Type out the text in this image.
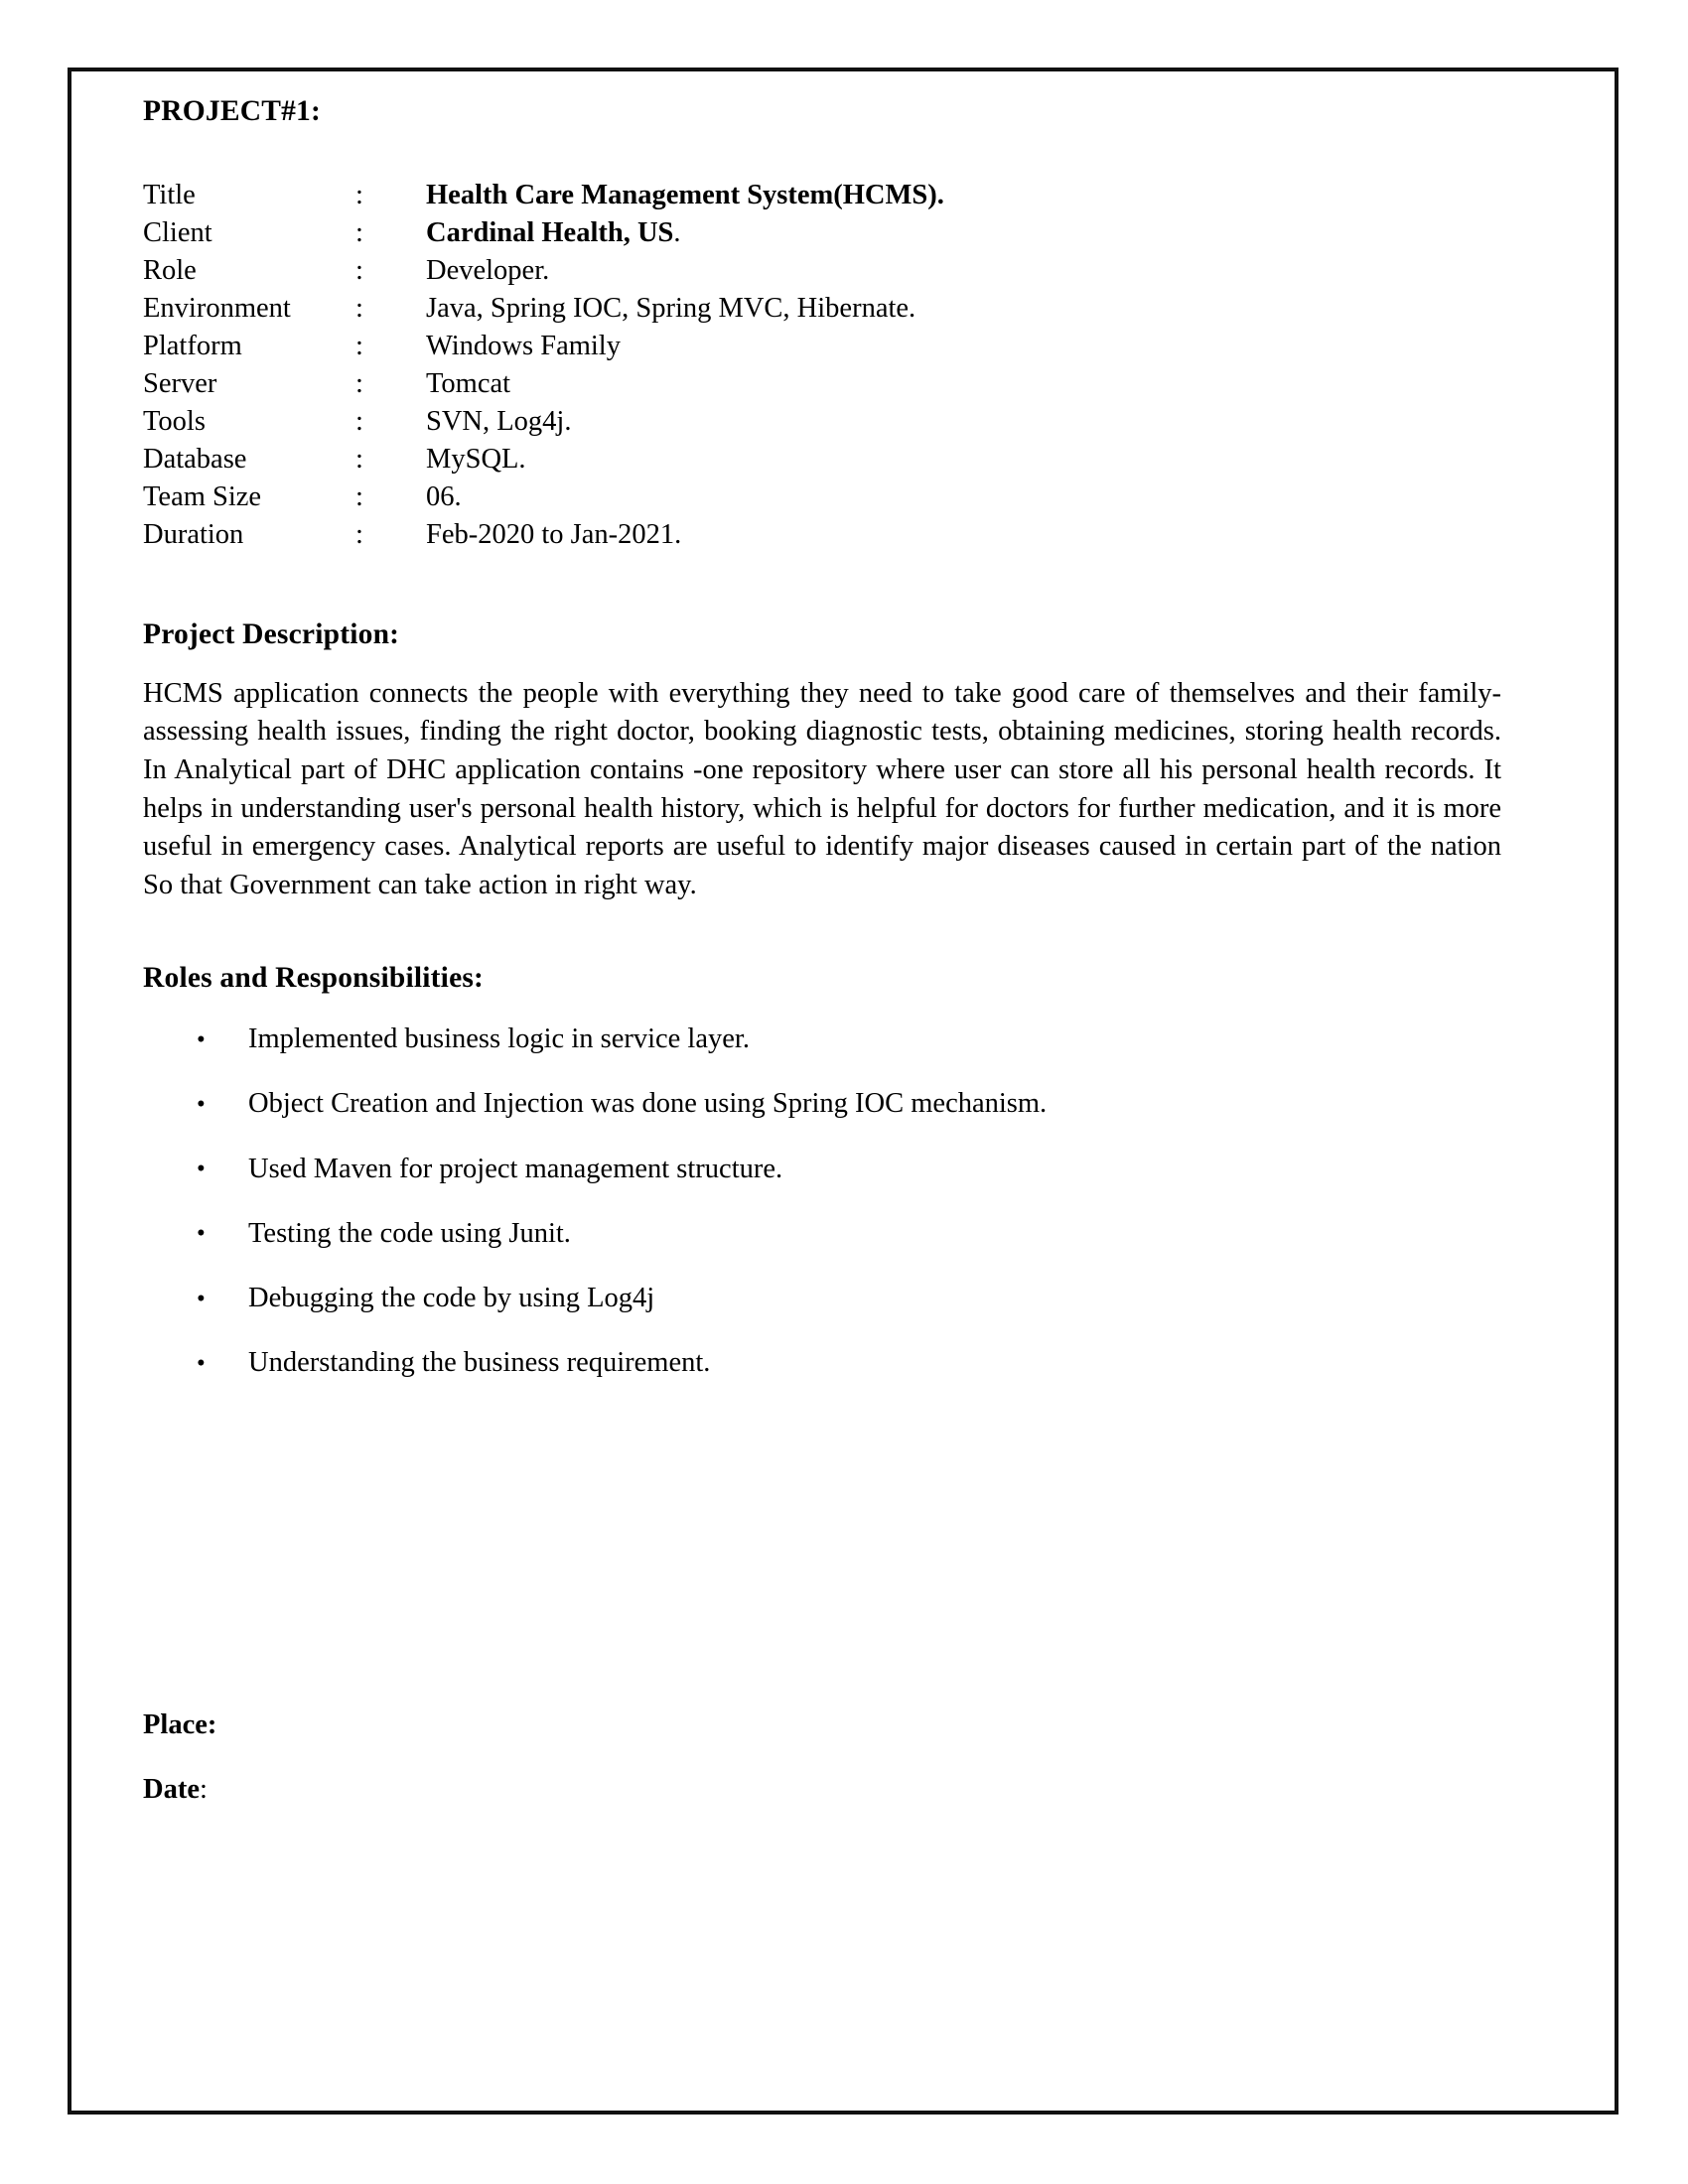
PROJECT#1:
Title	:	Health Care Management System(HCMS).
Client	:	Cardinal Health, US.
Role	:	Developer.
Environment	:	Java, Spring IOC, Spring MVC, Hibernate.
Platform	:	Windows Family
Server	:	Tomcat
Tools	:	SVN, Log4j.
Database	:	MySQL.
Team Size	:	06.
Duration	:	Feb-2020 to Jan-2021.
Project Description:

HCMS application connects the people with everything they need to take good care of themselves and their family-assessing health issues, finding the right doctor, booking diagnostic tests, obtaining medicines, storing health records. In Analytical part of DHC application contains -one repository where user can store all his personal health records. It helps in understanding user's personal health history, which is helpful for doctors for further medication, and it is more useful in emergency cases. Analytical reports are useful to identify major diseases caused in certain part of the nation So that Government can take action in right way.

Roles and Responsibilities:
• Implemented business logic in service layer.
• Object Creation and Injection was done using Spring IOC mechanism.
• Used Maven for project management structure.
• Testing the code using Junit.
• Debugging the code by using Log4j
• Understanding the business requirement.
Place:
Date:
